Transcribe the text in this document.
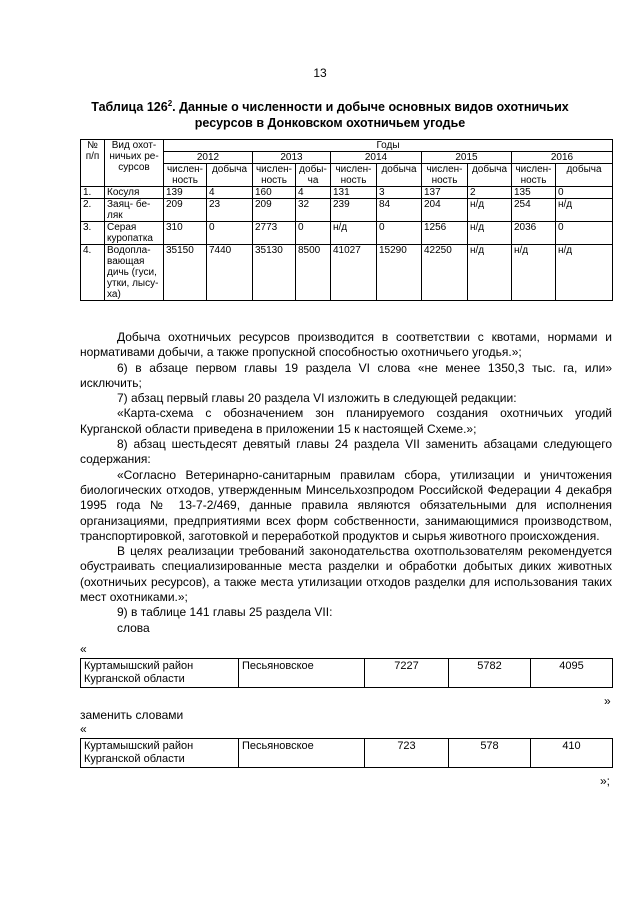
13
Таблица $126^2$. Данные о численности и добыче основных видов охотничьих
ресурсов в Донковском охотничьем угодье
№ п/п	Вид охот-ничьих ре-сурсов	Годы									
		2012		2013		2014		2015		2016	
		числен-ность	добыча	числен-ность	добы-ча	числен-ность	добыча	числен-ность	добыча	числен-ность	добыча
1.	Косуля	139	4	160	4	131	3	137	2	135	0
2.	Заяц- бе-ляк	209	23	209	32	239	84	204	н/д	254	н/д
3.	Серая куропатка	310	0	2773	0	н/д	0	1256	н/д	2036	0
4.	Водопла-вающая дичь (гуси, утки, лысу-ха)	35150	7440	35130	8500	41027	15290	42250	н/д	н/д	н/д

Добыча охотничьих ресурсов производится в соответствии с квотами, нормами и нормативами добычи, а также пропускной способностью охотничьего угодья.»;

6) в абзаце первом главы 19 раздела VI слова «не менее 1350,3 тыс. га, или» исключить;

7) абзац первый главы 20 раздела VI изложить в следующей редакции:

«Карта-схема с обозначением зон планируемого создания охотничьих угодий Курганской области приведена в приложении 15 к настоящей Схеме.»;

8) абзац шестьдесят девятый главы 24 раздела VII заменить абзацами следующего содержания:

«Согласно Ветеринарно-санитарным правилам сбора, утилизации и уничтожения биологических отходов, утвержденным Минсельхозпродом Российской Федерации 4 декабря 1995 года № 13-7-2/469, данные правила являются обязательными для исполнения организациями, предприятиями всех форм собственности, занимающимися производством, транспортировкой, заготовкой и переработкой продуктов и сырья животного происхождения.

В целях реализации требований законодательства охотпользователям рекомендуется обустраивать специализированные места разделки и обработки добытых диких животных (охотничьих ресурсов), а также места утилизации отходов разделки для использования таких мест охотниками.»;

9) в таблице 141 главы 25 раздела VII:

слова

«
Куртамышский район Курганской области	Песьяновское	7227	5782	4095
»
заменить словами
«
Куртамышский район Курганской области	Песьяновское	723	578	410
»;
